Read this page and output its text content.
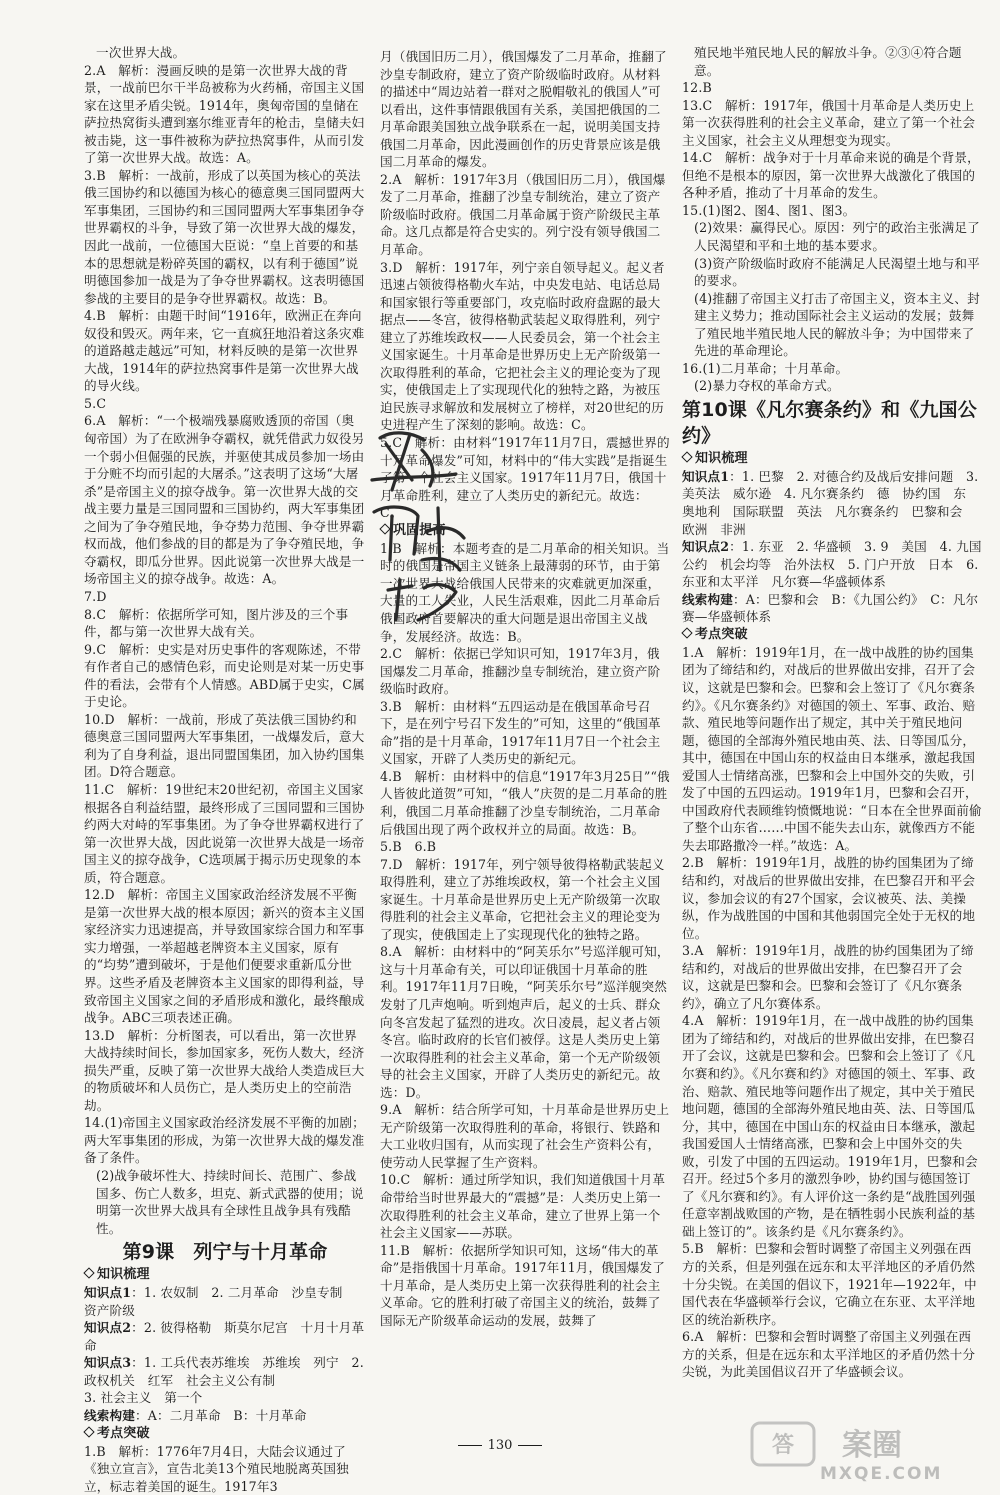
一次世界大战。

2.A　解析：漫画反映的是第一次世界大战的背景，一战前巴尔干半岛被称为火药桶，帝国主义国家在这里矛盾尖锐。1914年，奥匈帝国的皇储在萨拉热窝街头遭到塞尔维亚青年的枪击，皇储夫妇被击毙，这一事件被称为萨拉热窝事件，从而引发了第一次世界大战。故选：A。

3.B　解析：一战前，形成了以英国为核心的英法俄三国协约和以德国为核心的德意奥三国同盟两大军事集团，三国协约和三国同盟两大军事集团争夺世界霸权的斗争，导致了第一次世界大战的爆发，因此一战前，一位德国大臣说：“皇上首要的和基本的思想就是粉碎英国的霸权，以有利于德国”说明德国参加一战是为了争夺世界霸权。这表明德国参战的主要目的是争夺世界霸权。故选：B。

4.B　解析：由题干时间“1916年，欧洲正在奔向奴役和毁灭。两年来，它一直疯狂地沿着这条灾难的道路越走越远”可知，材料反映的是第一次世界大战，1914年的萨拉热窝事件是第一次世界大战的导火线。

5.C

6.A　解析：“一个极端残暴腐败透顶的帝国（奥匈帝国）为了在欧洲争夺霸权，就凭借武力奴役另一个弱小但倔强的民族，并驱使其成员参加一场由于分赃不均而引起的大屠杀。”这表明了这场“大屠杀”是帝国主义的掠夺战争。第一次世界大战的交战主要力量是三国同盟和三国协约，两大军事集团之间为了争夺殖民地，争夺势力范围、争夺世界霸权而战，他们参战的目的都是为了争夺殖民地，争夺霸权，即瓜分世界。因此说第一次世界大战是一场帝国主义的掠夺战争。故选：A。

7.D

8.C　解析：依据所学可知，图片涉及的三个事件，都与第一次世界大战有关。

9.C　解析：史实是对历史事件的客观陈述，不带有作者自己的感情色彩，而史论则是对某一历史事件的看法，会带有个人情感。ABD属于史实，C属于史论。

10.D　解析：一战前，形成了英法俄三国协约和德奥意三国同盟两大军事集团，一战爆发后，意大利为了自身利益，退出同盟国集团，加入协约国集团。D符合题意。

11.C　解析：19世纪末20世纪初，帝国主义国家根据各自利益结盟，最终形成了三国同盟和三国协约两大对峙的军事集团。为了争夺世界霸权进行了第一次世界大战，因此说第一次世界大战是一场帝国主义的掠夺战争，C选项属于揭示历史现象的本质，符合题意。

12.D　解析：帝国主义国家政治经济发展不平衡是第一次世界大战的根本原因；新兴的资本主义国家经济实力迅速提高，并导致国家综合国力和军事实力增强，一举超越老牌资本主义国家，原有的“均势”遭到破坏，于是他们便要求重新瓜分世界。这些矛盾及老牌资本主义国家的即得利益，导致帝国主义国家之间的矛盾形成和激化，最终酿成战争。ABC三项表述正确。

13.D　解析：分析图表，可以看出，第一次世界大战持续时间长，参加国家多，死伤人数大，经济损失严重，反映了第一次世界大战给人类造成巨大的物质破坏和人员伤亡，是人类历史上的空前浩劫。

14.(1)帝国主义国家政治经济发展不平衡的加剧；两大军事集团的形成，为第一次世界大战的爆发准备了条件。

(2)战争破坏性大、持续时间长、范围广、参战国多、伤亡人数多，坦克、新式武器的使用；说明第一次世界大战具有全球性且战争具有残酷性。

第9课　列宁与十月革命
知识梳理

知识点1：1. 农奴制　2. 二月革命　沙皇专制　资产阶级

知识点2：2. 彼得格勒　斯莫尔尼宫　十月十月革命

知识点3：1. 工兵代表苏维埃　苏维埃　列宁　2. 政权机关　红军　社会主义公有制

3. 社会主义　第一个

线索构建：A：二月革命　B：十月革命

考点突破

1.B　解析：1776年7月4日，大陆会议通过了《独立宣言》，宣告北美13个殖民地脱离英国独立，标志着美国的诞生。1917年3

月（俄国旧历二月），俄国爆发了二月革命，推翻了沙皇专制政府，建立了资产阶级临时政府。从材料的描述中“周边站着一群对之脱帽敬礼的俄国人”可以看出，这件事情跟俄国有关系，美国把俄国的二月革命跟美国独立战争联系在一起，说明美国支持俄国二月革命，因此漫画创作的历史背景应该是俄国二月革命的爆发。

2.A　解析：1917年3月（俄国旧历二月），俄国爆发了二月革命，推翻了沙皇专制统治，建立了资产阶级临时政府。俄国二月革命属于资产阶级民主革命。这几点都是符合史实的。列宁没有领导俄国二月革命。

3.D　解析：1917年，列宁亲自领导起义。起义者迅速占领彼得格勒火车站，中央发电站、电话总局和国家银行等重要部门，攻克临时政府盘踞的最大据点——冬宫，彼得格勒武装起义取得胜利，列宁建立了苏维埃政权——人民委员会，第一个社会主义国家诞生。十月革命是世界历史上无产阶级第一次取得胜利的革命，它把社会主义的理论变为了现实，使俄国走上了实现现代化的独特之路，为被压迫民族寻求解放和发展树立了榜样，对20世纪的历史进程产生了深刻的影响。故选：C。

5.C　解析：由材料“1917年11月7日，震撼世界的十月革命爆发”可知，材料中的“伟大实践”是指诞生了第一个社会主义国家。1917年11月7日，俄国十月革命胜利，建立了人类历史的新纪元。故选：C。

巩固提高

1.B　解析：本题考查的是二月革命的相关知识。当时的俄国是帝国主义链条上最薄弱的环节，由于第一次世界大战给俄国人民带来的灾难就更加深重，大量的工人失业，人民生活艰难，因此二月革命后俄国政府首要解决的重大问题是退出帝国主义战争，发展经济。故选：B。

2.C　解析：依据已学知识可知，1917年3月，俄国爆发二月革命，推翻沙皇专制统治，建立资产阶级临时政府。

3.B　解析：由材料“五四运动是在俄国革命号召下，是在列宁号召下发生的”可知，这里的“俄国革命”指的是十月革命，1917年11月7日一个社会主义国家，开辟了人类历史的新纪元。

4.B　解析：由材料中的信息“1917年3月25日”“俄人皆彼此道贺”可知，“俄人”庆贺的是二月革命的胜利，俄国二月革命推翻了沙皇专制统治，二月革命后俄国出现了两个政权并立的局面。故选：B。

5.B　6.B

7.D　解析：1917年，列宁领导彼得格勒武装起义取得胜利，建立了苏维埃政权，第一个社会主义国家诞生。十月革命是世界历史上无产阶级第一次取得胜利的社会主义革命，它把社会主义的理论变为了现实，使俄国走上了实现现代化的独特之路。

8.A　解析：由材料中的“阿芙乐尔”号巡洋舰可知，这与十月革命有关，可以印证俄国十月革命的胜利。1917年11月7日晚，“阿芙乐尔号”巡洋舰突然发射了几声炮响。听到炮声后，起义的士兵、群众向冬宫发起了猛烈的进攻。次日凌晨，起义者占领冬宫。临时政府的长官们被俘。这是人类历史上第一次取得胜利的社会主义革命，第一个无产阶级领导的社会主义国家，开辟了人类历史的新纪元。故选：D。

9.A　解析：结合所学可知，十月革命是世界历史上无产阶级第一次取得胜利的革命，将银行、铁路和大工业收归国有，从而实现了社会生产资料公有，使劳动人民掌握了生产资料。

10.C　解析：通过所学知识，我们知道俄国十月革命带给当时世界最大的“震撼”是：人类历史上第一次取得胜利的社会主义革命，建立了世界上第一个社会主义国家——苏联。

11.B　解析：依据所学知识可知，这场“伟大的革命”是指俄国十月革命。1917年11月，俄国爆发了十月革命，是人类历史上第一次获得胜利的社会主义革命。它的胜利打破了帝国主义的统治，鼓舞了国际无产阶级革命运动的发展，鼓舞了

殖民地半殖民地人民的解放斗争。②③④符合题意。

12.B

13.C　解析：1917年，俄国十月革命是人类历史上第一次获得胜利的社会主义革命，建立了第一个社会主义国家，社会主义从理想变为现实。

14.C　解析：战争对于十月革命来说的确是个背景，但绝不是根本的原因，第一次世界大战激化了俄国的各种矛盾，推动了十月革命的发生。

15.(1)图2、图4、图1、图3。

(2)效果：赢得民心。原因：列宁的政治主张满足了人民渴望和平和土地的基本要求。

(3)资产阶级临时政府不能满足人民渴望土地与和平的要求。

(4)推翻了帝国主义打击了帝国主义，资本主义、封建主义势力；推动国际社会主义运动的发展；鼓舞了殖民地半殖民地人民的解放斗争；为中国带来了先进的革命理论。

16.(1)二月革命；十月革命。

(2)暴力夺权的革命方式。

第10课《凡尔赛条约》和《九国公约》
知识梳理

知识点1：1. 巴黎　2. 对德合约及战后安排问题　3. 美英法　威尔逊　4. 凡尔赛条约　德　协约国　东　奥地利　国际联盟　英法　凡尔赛条约　巴黎和会　欧洲　非洲

知识点2：1. 东亚　2. 华盛顿　3. 9　美国　4. 九国公约　机会均等　治外法权　5. 门户开放　日本　6. 东亚和太平洋　凡尔赛—华盛顿体系

线索构建：A：巴黎和会　B：《九国公约》　C：凡尔赛—华盛顿体系

考点突破

1.A　解析：1919年1月，在一战中战胜的协约国集团为了缔结和约，对战后的世界做出安排，召开了会议，这就是巴黎和会。巴黎和会上签订了《凡尔赛条约》。《凡尔赛条约》对德国的领土、军事、政治、赔款、殖民地等问题作出了规定，其中关于殖民地问题，德国的全部海外殖民地由英、法、日等国瓜分，其中，德国在中国山东的权益由日本继承，激起我国爱国人士情绪高涨，巴黎和会上中国外交的失败，引发了中国的五四运动。1919年1月，巴黎和会召开，中国政府代表顾维钧愤慨地说：“日本在全世界面前偷了整个山东省……中国不能失去山东，就像西方不能失去耶路撒冷一样。”故选：A。

2.B　解析：1919年1月，战胜的协约国集团为了缔结和约，对战后的世界做出安排，在巴黎召开和平会议，参加会议的有27个国家，会议被英、法、美操纵，作为战胜国的中国和其他弱国完全处于无权的地位。

3.A　解析：1919年1月，战胜的协约国集团为了缔结和约，对战后的世界做出安排，在巴黎召开了会议，这就是巴黎和会。巴黎和会签订了《凡尔赛条约》，确立了凡尔赛体系。

4.A　解析：1919年1月，在一战中战胜的协约国集团为了缔结和约，对战后的世界做出安排，在巴黎召开了会议，这就是巴黎和会。巴黎和会上签订了《凡尔赛和约》。《凡尔赛和约》对德国的领土、军事、政治、赔款、殖民地等问题作出了规定，其中关于殖民地问题，德国的全部海外殖民地由英、法、日等国瓜分，其中，德国在中国山东的权益由日本继承，激起我国爱国人士情绪高涨，巴黎和会上中国外交的失败，引发了中国的五四运动。1919年1月，巴黎和会召开。经过5个多月的激烈争吵，协约国与德国签订了《凡尔赛和约》。有人评价这一条约是“战胜国列强任意宰割战败国的产物，是在牺牲弱小民族利益的基础上签订的”。该条约是《凡尔赛条约》。

5.B　解析：巴黎和会暂时调整了帝国主义列强在西方的关系，但是列强在远东和太平洋地区的矛盾仍然十分尖锐。在美国的倡议下，1921年—1922年，中国代表在华盛顿举行会议，它确立在东亚、太平洋地区的统治新秩序。

6.A　解析：巴黎和会暂时调整了帝国主义列强在西方的关系，但是在远东和太平洋地区的矛盾仍然十分尖锐，为此美国倡议召开了华盛顿会议。

130	答 案圈
MXQE.COM
